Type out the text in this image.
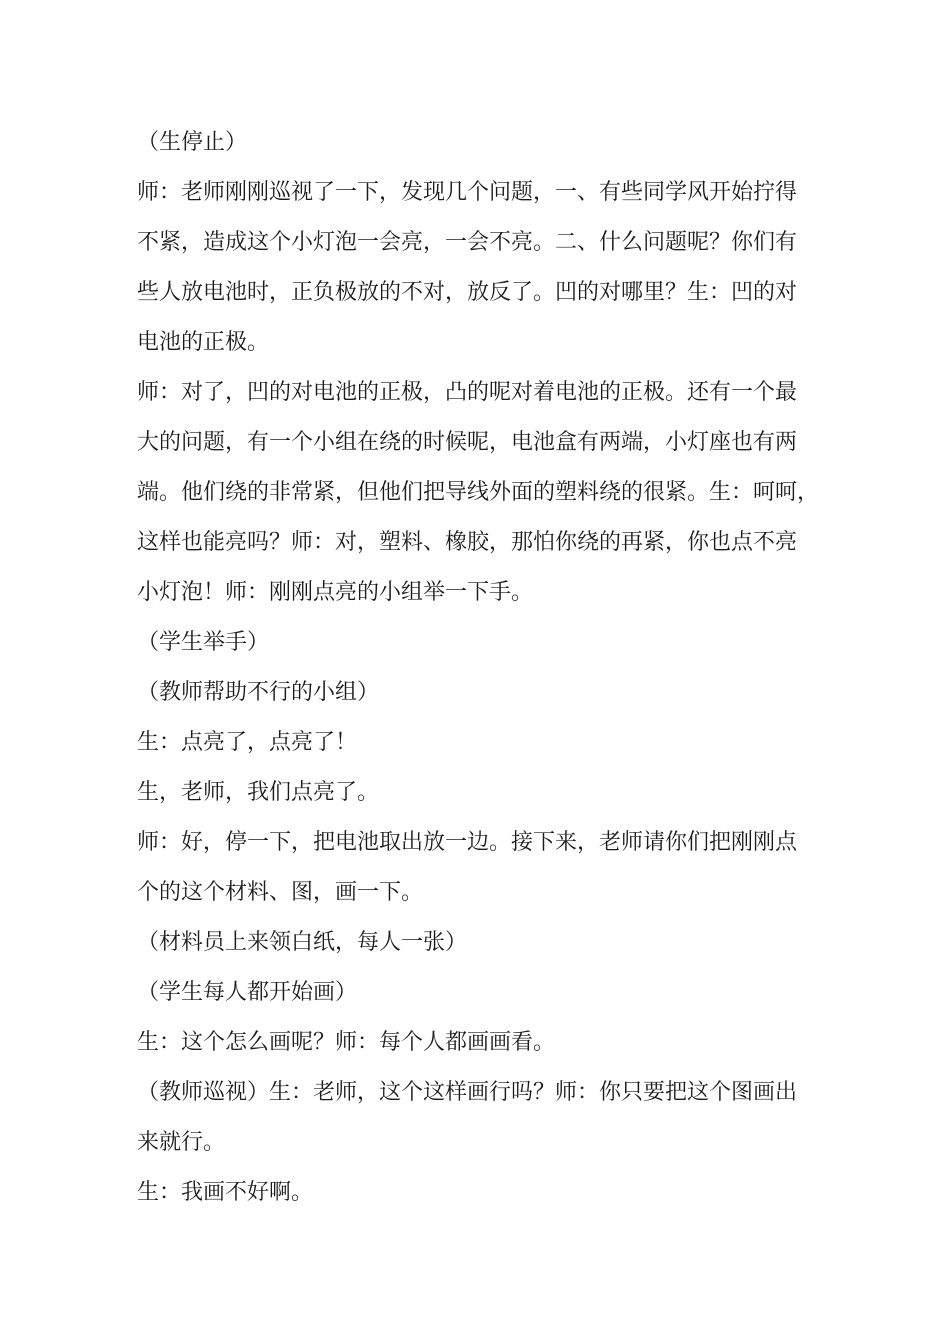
（生停止）

师：老师刚刚巡视了一下，发现几个问题，一、有些同学风开始拧得
不紧，造成这个小灯泡一会亮，一会不亮。二、什么问题呢？你们有
些人放电池时，正负极放的不对，放反了。凹的对哪里？生：凹的对
电池的正极。

师：对了，凹的对电池的正极，凸的呢对着电池的正极。还有一个最
大的问题，有一个小组在绕的时候呢，电池盒有两端，小灯座也有两
端。他们绕的非常紧，但他们把导线外面的塑料绕的很紧。生：呵呵，
这样也能亮吗？师：对，塑料、橡胶，那怕你绕的再紧，你也点不亮
小灯泡！师：刚刚点亮的小组举一下手。

（学生举手）

（教师帮助不行的小组）

生：点亮了，点亮了！

生，老师，我们点亮了。

师：好，停一下，把电池取出放一边。接下来，老师请你们把刚刚点
个的这个材料、图，画一下。

（材料员上来领白纸，每人一张）

（学生每人都开始画）

生：这个怎么画呢？师：每个人都画画看。

（教师巡视）生：老师，这个这样画行吗？师：你只要把这个图画出
来就行。

生：我画不好啊。
